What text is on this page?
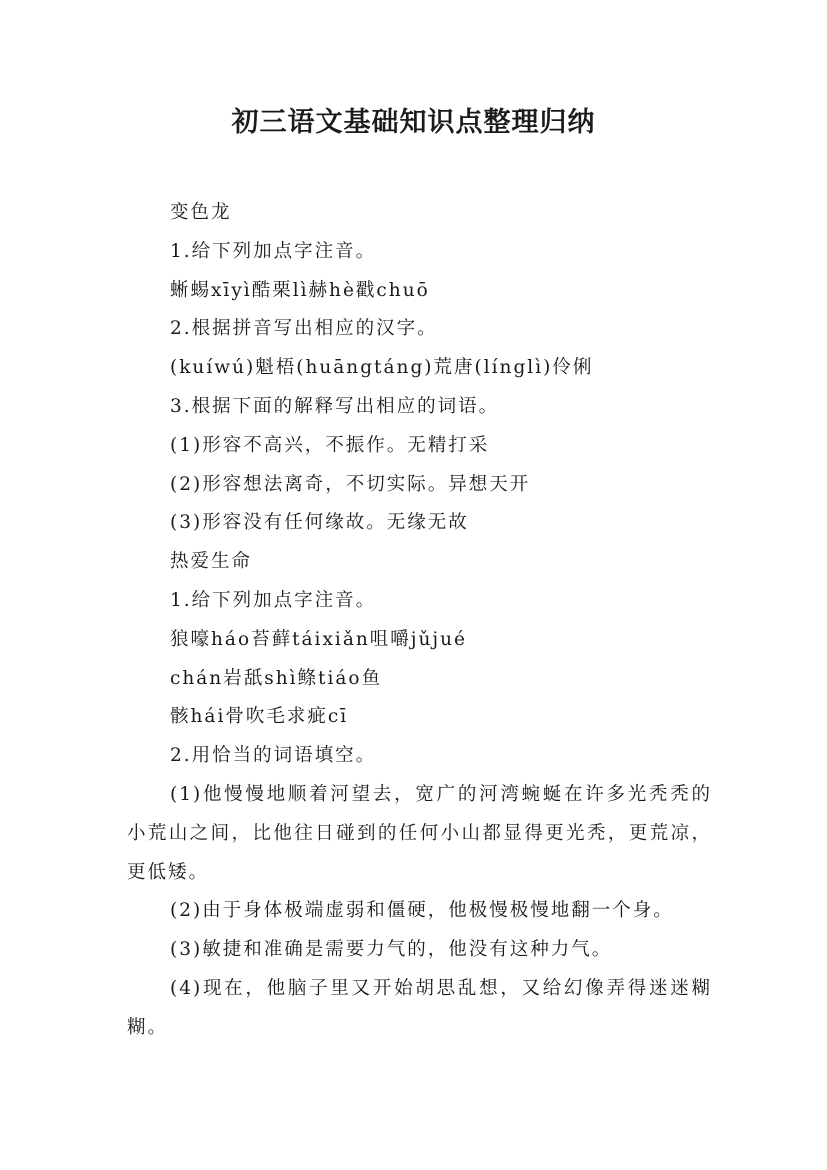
初三语文基础知识点整理归纳
变色龙
1.给下列加点字注音。
蜥蜴xīyì酷栗lì赫hè戳chuō
2.根据拼音写出相应的汉字。
(kuíwú)魁梧(huāngtáng)荒唐(línglì)伶俐
3.根据下面的解释写出相应的词语。
(1)形容不高兴，不振作。无精打采
(2)形容想法离奇，不切实际。异想天开
(3)形容没有任何缘故。无缘无故
热爱生命
1.给下列加点字注音。
狼嚎háo苔藓táixiǎn咀嚼jǔjué
chán岩舐shì鲦tiáo鱼
骸hái骨吹毛求疵cī
2.用恰当的词语填空。
(1)他慢慢地顺着河望去，宽广的河湾蜿蜒在许多光秃秃的小荒山之间，比他往日碰到的任何小山都显得更光秃，更荒凉，更低矮。
(2)由于身体极端虚弱和僵硬，他极慢极慢地翻一个身。
(3)敏捷和准确是需要力气的，他没有这种力气。
(4)现在，他脑子里又开始胡思乱想，又给幻像弄得迷迷糊糊。
